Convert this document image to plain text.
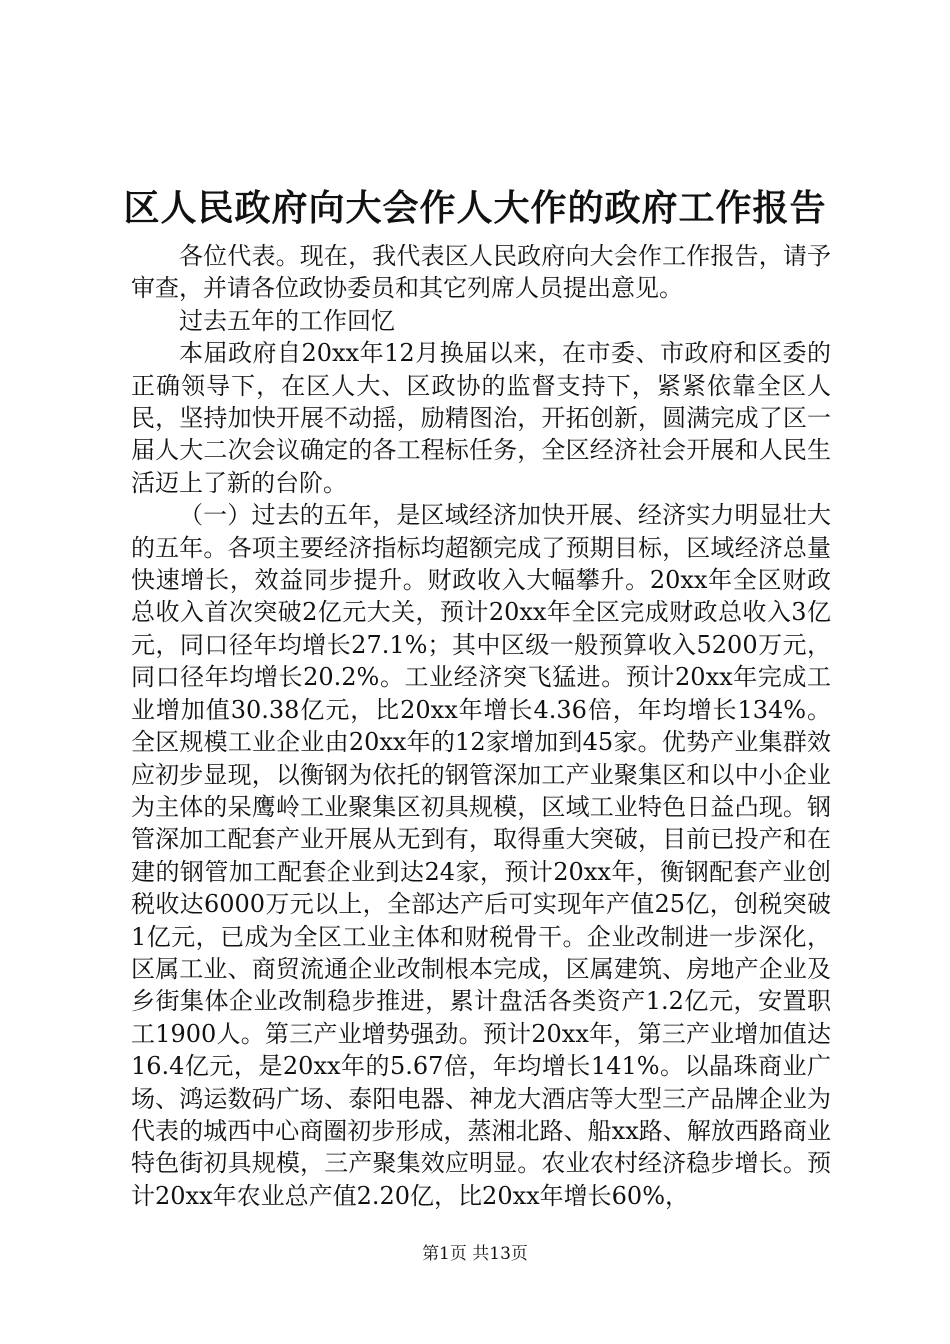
区人民政府向大会作人大作的政府工作报告

各位代表。现在，我代表区人民政府向大会作工作报告，请予审查，并请各位政协委员和其它列席人员提出意见。

过去五年的工作回忆

本届政府自20xx年12月换届以来，在市委、市政府和区委的正确领导下，在区人大、区政协的监督支持下，紧紧依靠全区人民，坚持加快开展不动摇，励精图治，开拓创新，圆满完成了区一届人大二次会议确定的各工程标任务，全区经济社会开展和人民生活迈上了新的台阶。

（一）过去的五年，是区域经济加快开展、经济实力明显壮大的五年。各项主要经济指标均超额完成了预期目标，区域经济总量快速增长，效益同步提升。财政收入大幅攀升。20xx年全区财政总收入首次突破2亿元大关，预计20xx年全区完成财政总收入3亿元，同口径年均增长27.1%；其中区级一般预算收入5200万元，同口径年均增长20.2%。工业经济突飞猛进。预计20xx年完成工业增加值30.38亿元，比20xx年增长4.36倍，年均增长134%。全区规模工业企业由20xx年的12家增加到45家。优势产业集群效应初步显现，以衡钢为依托的钢管深加工产业聚集区和以中小企业为主体的呆鹰岭工业聚集区初具规模，区域工业特色日益凸现。钢管深加工配套产业开展从无到有，取得重大突破，目前已投产和在建的钢管加工配套企业到达24家，预计20xx年，衡钢配套产业创税收达6000万元以上，全部达产后可实现年产值25亿，创税突破1亿元，已成为全区工业主体和财税骨干。企业改制进一步深化，区属工业、商贸流通企业改制根本完成，区属建筑、房地产企业及乡街集体企业改制稳步推进，累计盘活各类资产1.2亿元，安置职工1900人。第三产业增势强劲。预计20xx年，第三产业增加值达16.4亿元，是20xx年的5.67倍，年均增长141%。以晶珠商业广场、鸿运数码广场、泰阳电器、神龙大酒店等大型三产品牌企业为代表的城西中心商圈初步形成，蒸湘北路、船xx路、解放西路商业特色街初具规模，三产聚集效应明显。农业农村经济稳步增长。预计20xx年农业总产值2.20亿，比20xx年增长60%，

第1页 共13页
